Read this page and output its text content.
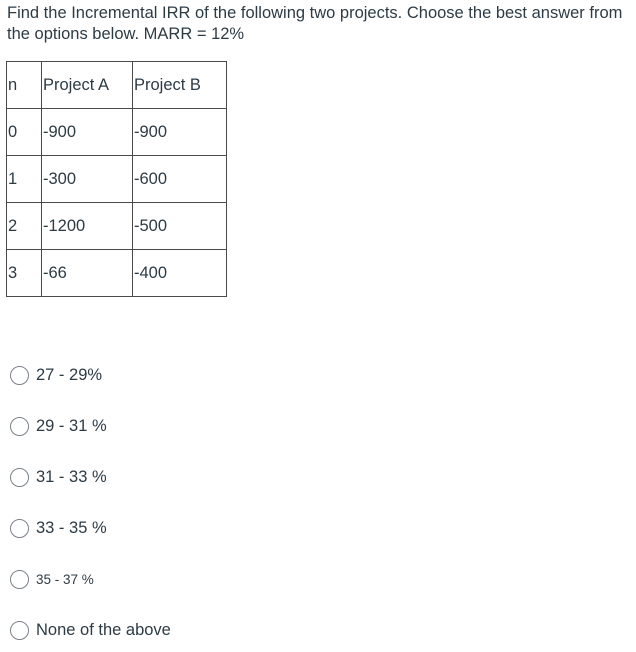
Find the Incremental IRR of the following two projects. Choose the best answer from the options below. MARR = 12%

n	Project A	Project B
0	-900	-900
1	-300	-600
2	-1200	-500
3	-66	-400
27 - 29%
29 - 31 %
31 - 33 %
33 - 35 %
35 - 37 %
None of the above
